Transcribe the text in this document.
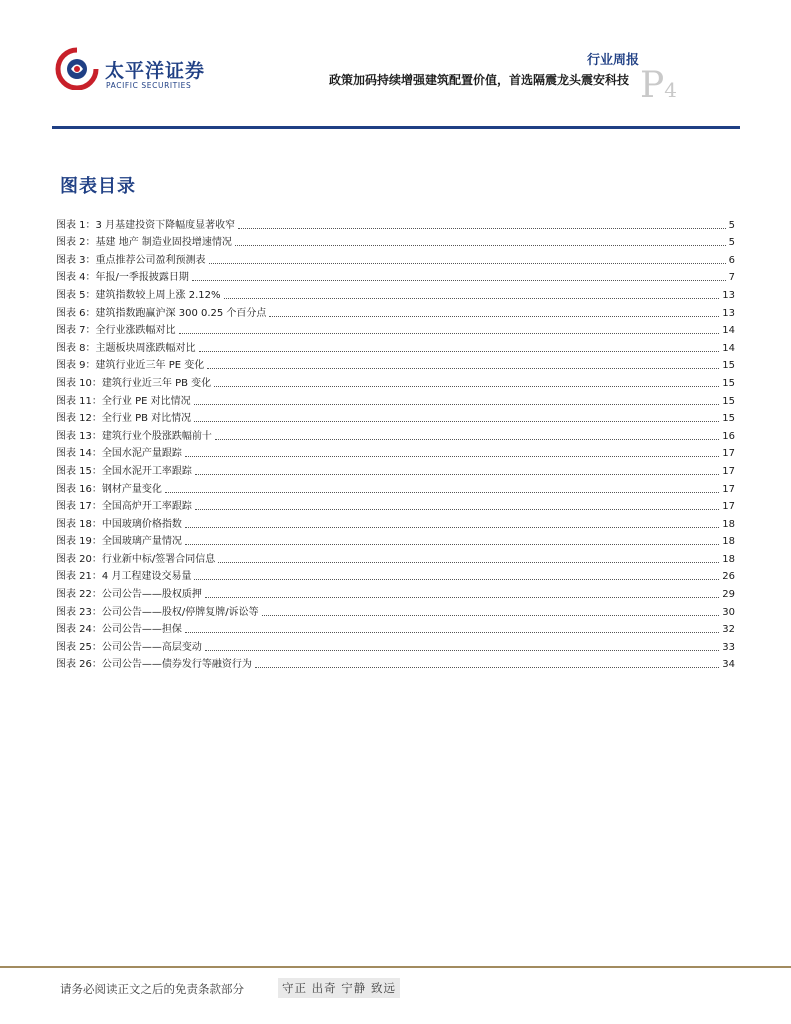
太平洋证券
PACIFIC SECURITIES
行业周报
政策加码持续增强建筑配置价值，首选隔震龙头震安科技 P4
图表目录
图表 1：3 月基建投资下降幅度显著收窄	5
图表 2：基建 地产 制造业固投增速情况	5
图表 3：重点推荐公司盈利预测表	6
图表 4：年报/一季报披露日期	7
图表 5：建筑指数较上周上涨 2.12%	13
图表 6：建筑指数跑赢沪深 300 0.25 个百分点	13
图表 7：全行业涨跌幅对比	14
图表 8：主题板块周涨跌幅对比	14
图表 9：建筑行业近三年 PE 变化	15
图表 10：建筑行业近三年 PB 变化	15
图表 11：全行业 PE 对比情况	15
图表 12：全行业 PB 对比情况	15
图表 13：建筑行业个股涨跌幅前十	16
图表 14：全国水泥产量跟踪	17
图表 15：全国水泥开工率跟踪	17
图表 16：钢材产量变化	17
图表 17：全国高炉开工率跟踪	17
图表 18：中国玻璃价格指数	18
图表 19：全国玻璃产量情况	18
图表 20：行业新中标/签署合同信息	18
图表 21：4 月工程建设交易量	26
图表 22：公司公告——股权质押	29
图表 23：公司公告——股权/停牌复牌/诉讼等	30
图表 24：公司公告——担保	32
图表 25：公司公告——高层变动	33
图表 26：公司公告——债券发行等融资行为	34
请务必阅读正文之后的免责条款部分	守正 出奇 宁静 致远
